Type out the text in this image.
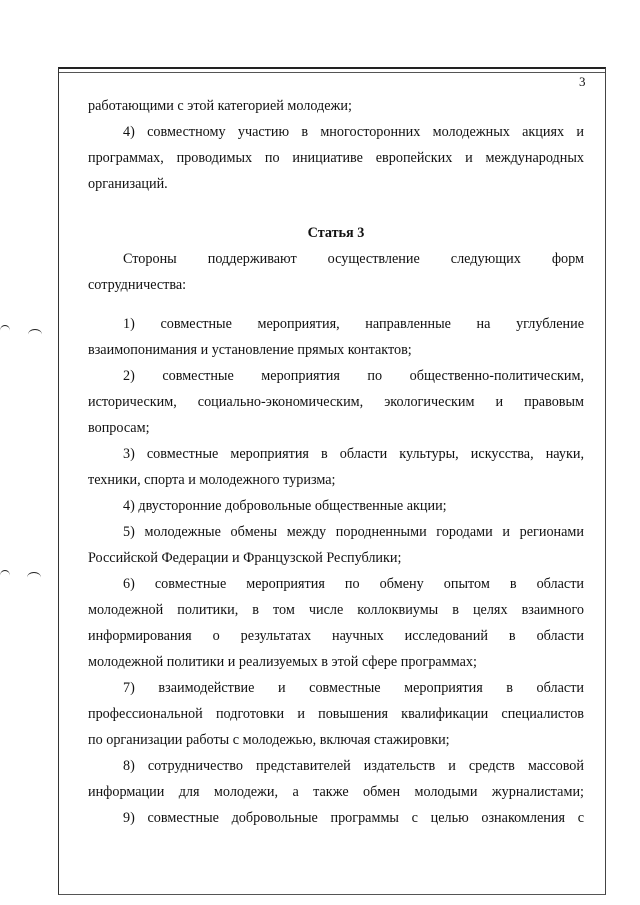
3
работающими с этой категорией молодежи;
4) совместному участию в многосторонних молодежных акциях и
программах, проводимых по инициативе европейских и международных
организаций.
Статья 3
Стороны поддерживают осуществление следующих форм
сотрудничества:
1) совместные мероприятия, направленные на углубление
взаимопонимания и установление прямых контактов;
2) совместные мероприятия по общественно-политическим,
историческим, социально-экономическим, экологическим и правовым
вопросам;
3) совместные мероприятия в области культуры, искусства, науки,
техники, спорта и молодежного туризма;
4) двусторонние добровольные общественные акции;
5) молодежные обмены между породненными городами и регионами
Российской Федерации и Французской Республики;
6) совместные мероприятия по обмену опытом в области
молодежной политики, в том числе коллоквиумы в целях взаимного
информирования о результатах научных исследований в области
молодежной политики и реализуемых в этой сфере программах;
7) взаимодействие и совместные мероприятия в области
профессиональной подготовки и повышения квалификации специалистов
по организации работы с молодежью, включая стажировки;
8) сотрудничество представителей издательств и средств массовой
информации для молодежи, а также обмен молодыми журналистами;
9) совместные добровольные программы с целью ознакомления с
